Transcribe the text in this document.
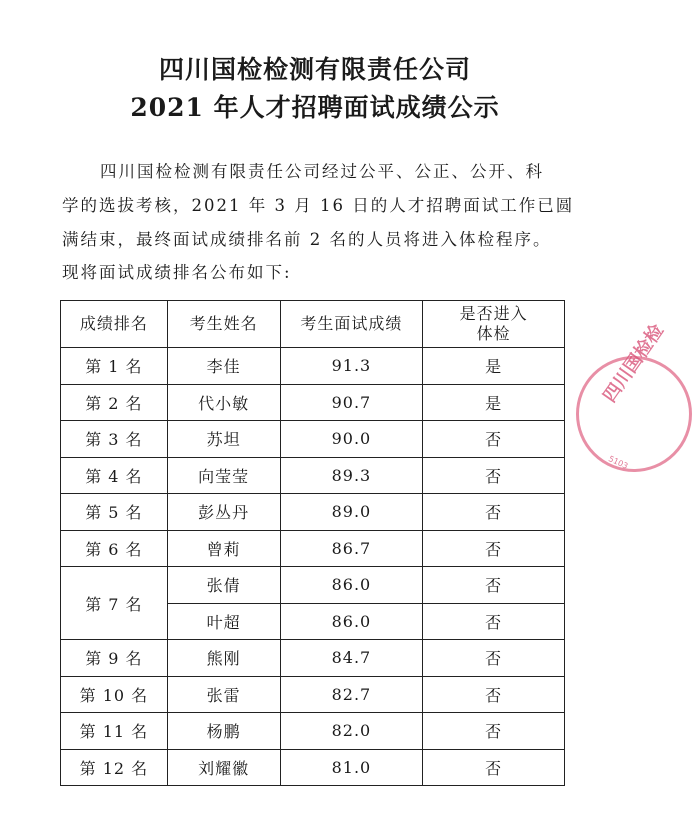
四川国检检测有限责任公司
2021 年人才招聘面试成绩公示
四川国检检测有限责任公司经过公平、公正、公开、科
学的选拔考核，2021 年 3 月 16 日的人才招聘面试工作已圆
满结束，最终面试成绩排名前 2 名的人员将进入体检程序。
现将面试成绩排名公布如下:
成绩排名	考生姓名	考生面试成绩	是否进入
体检
第 1 名	李佳	91.3	是
第 2 名	代小敏	90.7	是
第 3 名	苏坦	90.0	否
第 4 名	向莹莹	89.3	否
第 5 名	彭丛丹	89.0	否
第 6 名	曾莉	86.7	否
第 7 名	张倩	86.0	否
	叶超	86.0	否
第 9 名	熊刚	84.7	否
第 10 名	张雷	82.7	否
第 11 名	杨鹏	82.0	否
第 12 名	刘耀徽	81.0	否
四川国检检
5103
